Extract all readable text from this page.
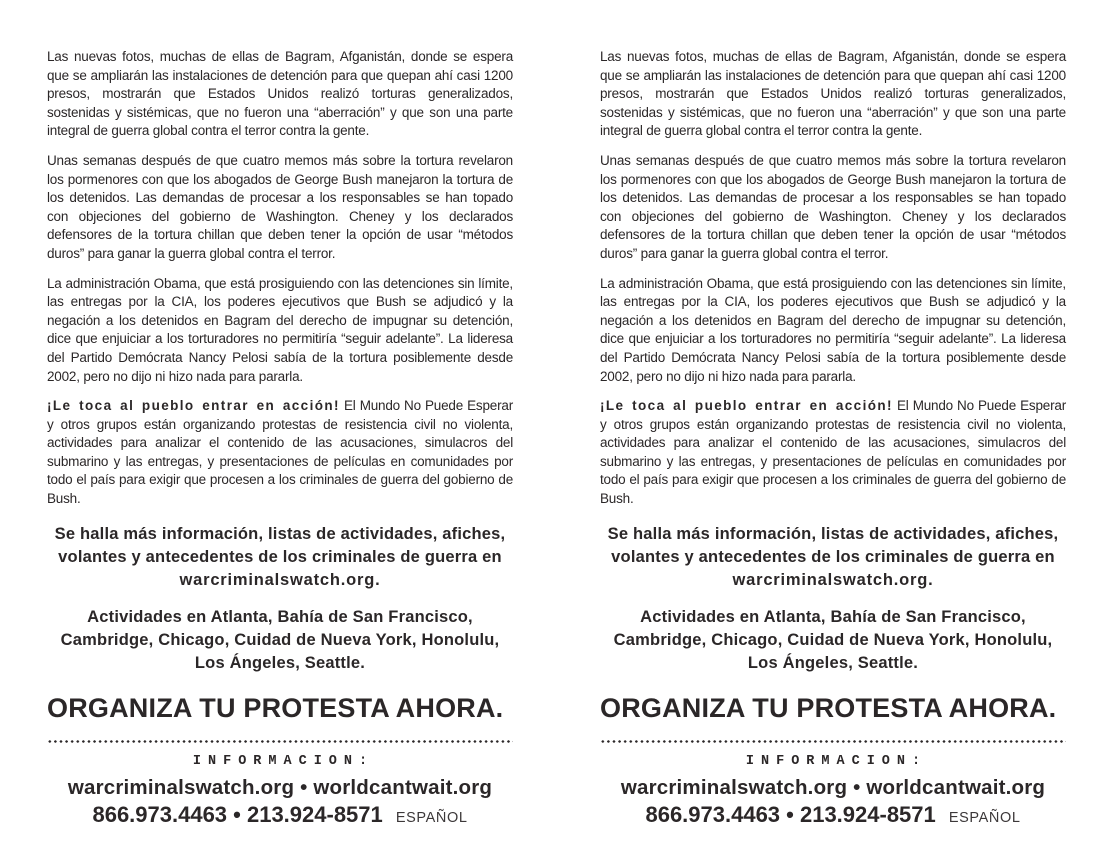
Las nuevas fotos, muchas de ellas de Bagram, Afganistán, donde se espera que se ampliarán las instalaciones de detención para que quepan ahí casi 1200 presos, mostrarán que Estados Unidos realizó torturas generalizados, sostenidas y sistémicas, que no fueron una “aberración” y que son una parte integral de guerra global contra el terror contra la gente.

Unas semanas después de que cuatro memos más sobre la tortura revelaron los pormenores con que los abogados de George Bush manejaron la tortura de los detenidos. Las demandas de procesar a los responsables se han topado con objeciones del gobierno de Washington. Cheney y los declarados defensores de la tortura chillan que deben tener la opción de usar “métodos duros” para ganar la guerra global contra el terror.

La administración Obama, que está prosiguiendo con las detenciones sin límite, las entregas por la CIA, los poderes ejecutivos que Bush se adjudicó y la negación a los detenidos en Bagram del derecho de impugnar su detención, dice que enjuiciar a los torturadores no permitiría “seguir adelante”. La lideresa del Partido Demócrata Nancy Pelosi sabía de la tortura posiblemente desde 2002, pero no dijo ni hizo nada para pararla.

¡Le toca al pueblo entrar en acción! El Mundo No Puede Esperar y otros grupos están organizando protestas de resistencia civil no violenta, actividades para analizar el contenido de las acusaciones, simulacros del submarino y las entregas, y presentaciones de películas en comunidades por todo el país para exigir que procesen a los criminales de guerra del gobierno de Bush.

Se halla más información, listas de actividades, afiches, volantes y antecedentes de los criminales de guerra en warcriminalswatch.org.

Actividades en Atlanta, Bahía de San Francisco, Cambridge, Chicago, Cuidad de Nueva York, Honolulu, Los Ángeles, Seattle.

ORGANIZA TU PROTESTA AHORA.

INFORMACION:

warcriminalswatch.org • worldcantwait.org

866.973.4463 • 213.924-8571 ESPAÑOL

Las nuevas fotos, muchas de ellas de Bagram, Afganistán, donde se espera que se ampliarán las instalaciones de detención para que quepan ahí casi 1200 presos, mostrarán que Estados Unidos realizó torturas generalizados, sostenidas y sistémicas, que no fueron una “aberración” y que son una parte integral de guerra global contra el terror contra la gente.

Unas semanas después de que cuatro memos más sobre la tortura revelaron los pormenores con que los abogados de George Bush manejaron la tortura de los detenidos. Las demandas de procesar a los responsables se han topado con objeciones del gobierno de Washington. Cheney y los declarados defensores de la tortura chillan que deben tener la opción de usar “métodos duros” para ganar la guerra global contra el terror.

La administración Obama, que está prosiguiendo con las detenciones sin límite, las entregas por la CIA, los poderes ejecutivos que Bush se adjudicó y la negación a los detenidos en Bagram del derecho de impugnar su detención, dice que enjuiciar a los torturadores no permitiría “seguir adelante”. La lideresa del Partido Demócrata Nancy Pelosi sabía de la tortura posiblemente desde 2002, pero no dijo ni hizo nada para pararla.

¡Le toca al pueblo entrar en acción! El Mundo No Puede Esperar y otros grupos están organizando protestas de resistencia civil no violenta, actividades para analizar el contenido de las acusaciones, simulacros del submarino y las entregas, y presentaciones de películas en comunidades por todo el país para exigir que procesen a los criminales de guerra del gobierno de Bush.

Se halla más información, listas de actividades, afiches, volantes y antecedentes de los criminales de guerra en warcriminalswatch.org.

Actividades en Atlanta, Bahía de San Francisco, Cambridge, Chicago, Cuidad de Nueva York, Honolulu, Los Ángeles, Seattle.

ORGANIZA TU PROTESTA AHORA.

INFORMACION:

warcriminalswatch.org • worldcantwait.org

866.973.4463 • 213.924-8571 ESPAÑOL
